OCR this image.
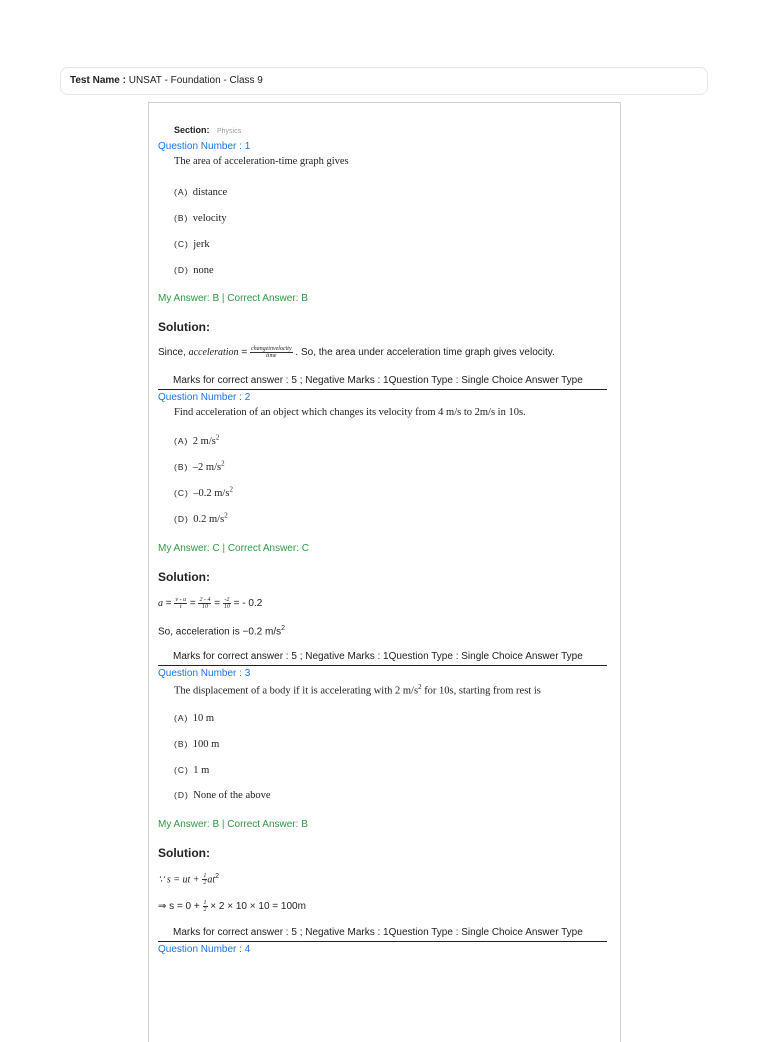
Test Name : UNSAT - Foundation - Class 9
Section: Physics
Question Number : 1
The area of acceleration-time graph gives
(A) distance
(B) velocity
(C) jerk
(D) none
My Answer: B | Correct Answer: B
Solution:
Since, acceleration = $\frac{\text{changeinvelocity}}{\text{time}}$ . So, the area under acceleration time graph gives velocity.
Marks for correct answer : 5 ; Negative Marks : 1Question Type : Single Choice Answer Type
Question Number : 2
Find acceleration of an object which changes its velocity from 4 m/s to 2m/s in 10s.
(A) 2 $m/s^2$
(B) –2 $m/s^2$
(C) –0.2 $m/s^2$
(D) 0.2 $m/s^2$
My Answer: C | Correct Answer: C
Solution:
$a = \frac{v - u}{t} = \frac{2 - 4}{10} = \frac{-2}{10}$ = - 0.2
So, acceleration is −0.2 $m/s^2$
Marks for correct answer : 5 ; Negative Marks : 1Question Type : Single Choice Answer Type
Question Number : 3
The displacement of a body if it is accelerating with 2 $m/s^2$ for 10s, starting from rest is
(A) 10 m
(B) 100 m
(C) 1 m
(D) None of the above
My Answer: B | Correct Answer: B
Solution:
∵ s = ut + $\frac{1}{2} at^2$
⇒ $s = 0 + \frac{1}{2} \times 2 \times 10 \times 10 = 100m$
Marks for correct answer : 5 ; Negative Marks : 1Question Type : Single Choice Answer Type
Question Number : 4
